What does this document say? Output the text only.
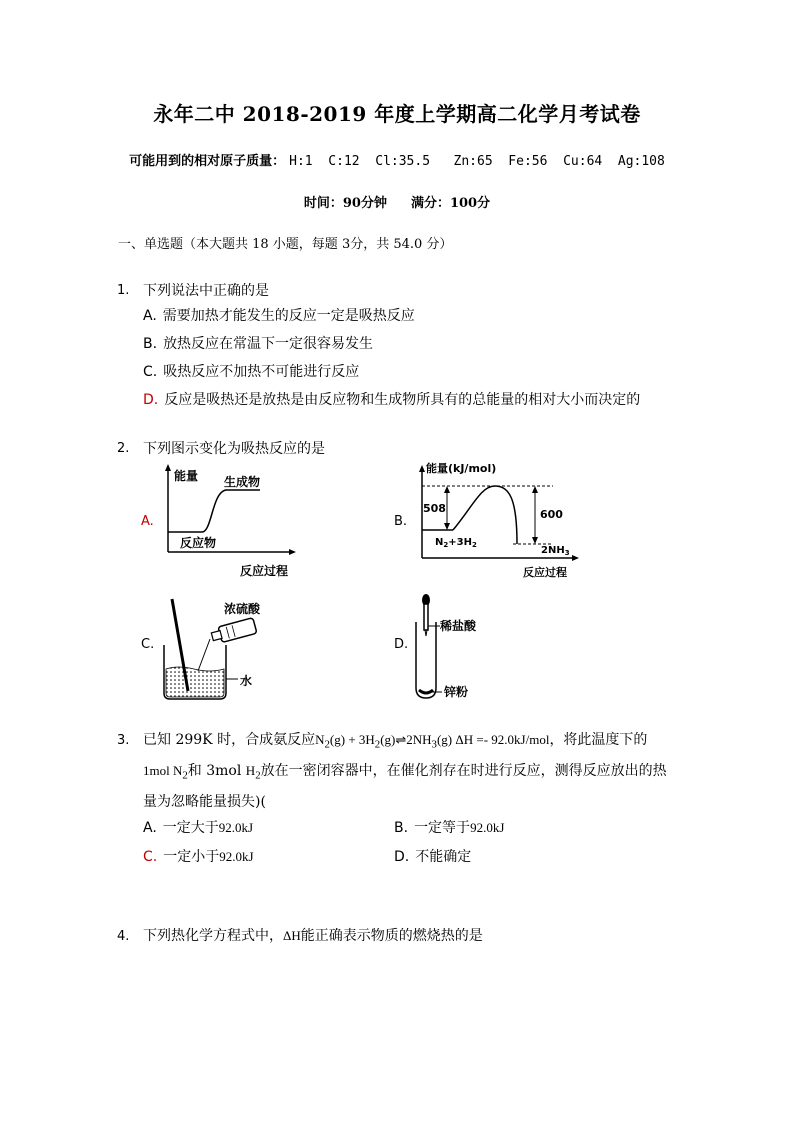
永年二中 2018-2019 年度上学期高二化学月考试卷
可能用到的相对原子质量： H:1  C:12  Cl:35.5   Zn:65  Fe:56  Cu:64  Ag:108
时间：90分钟 满分：100分
一、单选题（本大题共 18 小题，每题 3分，共 54.0 分）
1. 下列说法中正确的是
A. 需要加热才能发生的反应一定是吸热反应
B. 放热反应在常温下一定很容易发生
C. 吸热反应不加热不可能进行反应
D. 反应是吸热还是放热是由反应物和生成物所具有的总能量的相对大小而决定的
2. 下列图示变化为吸热反应的是
A.	B.
C.	D.
能量 生成物
反应物
反应过程
能量(kJ/mol)
508	600
$N_2+3H_2$	$2NH_3$
反应过程
浓硫酸
水
稀盐酸
锌粉
3. 已知 299K 时，合成氨反应$N_2(g)$ + $3H_2(g)\rightleftharpoons 2NH_3(g) \Delta H =- 92.0kJ/mol$，将此温度下的
1mol $N_2$和 3mol $H_2$放在一密闭容器中，在催化剂存在时进行反应，测得反应放出的热
量为忽略能量损失)(
A. 一定大于92.0kJ	B. 一定等于92.0kJ
C. 一定小于92.0kJ	D. 不能确定
4. 下列热化学方程式中，ΔH能正确表示物质的燃烧热的是
